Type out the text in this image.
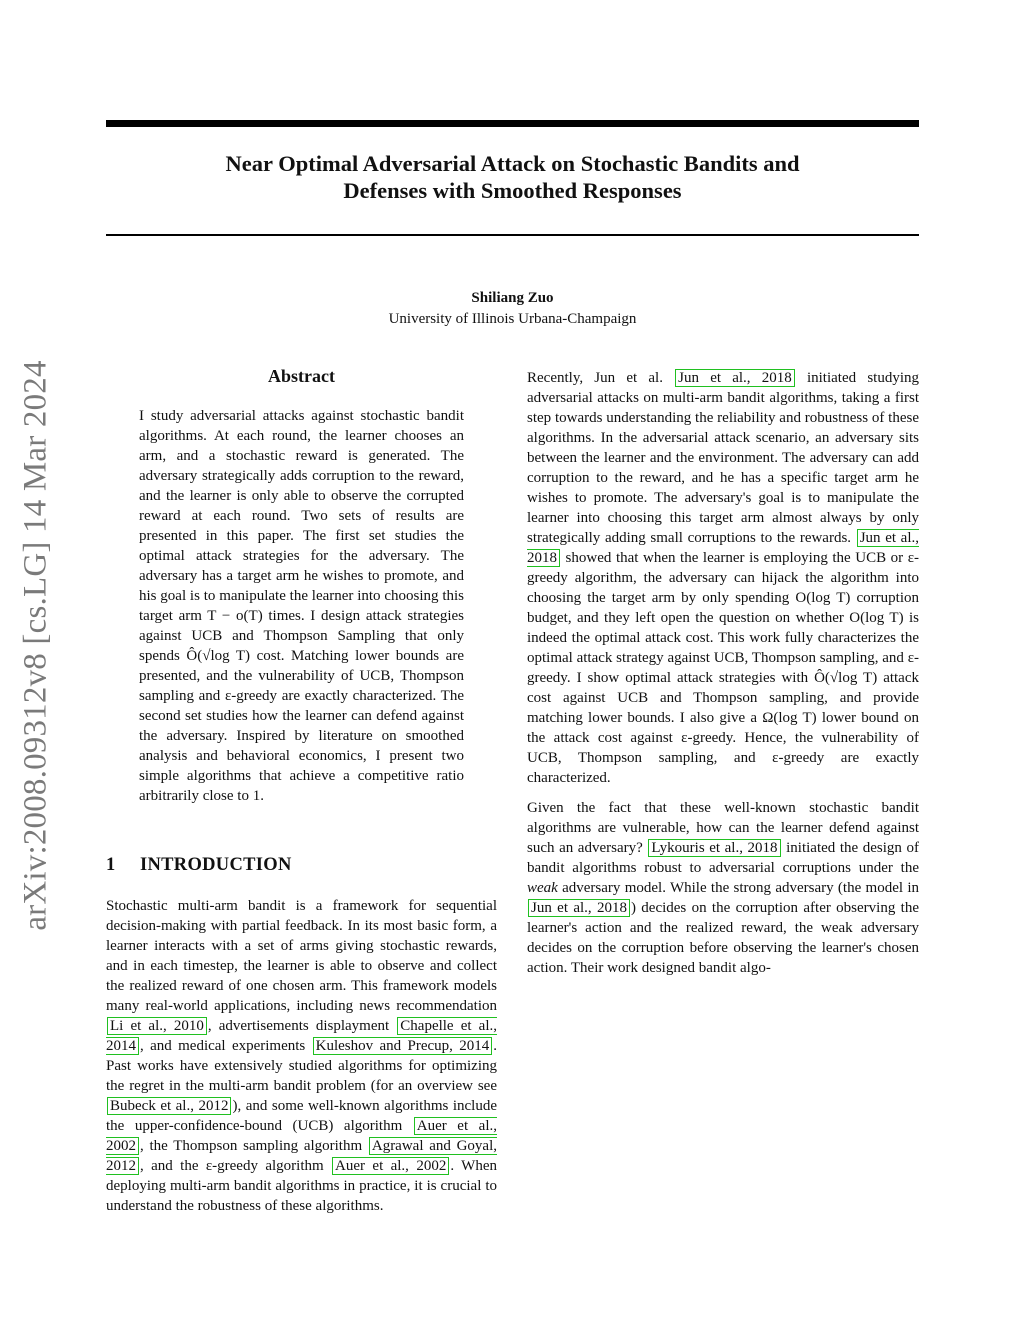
arXiv:2008.09312v8 [cs.LG] 14 Mar 2024
Near Optimal Adversarial Attack on Stochastic Bandits and
Defenses with Smoothed Responses
Shiliang Zuo
University of Illinois Urbana-Champaign
Abstract

I study adversarial attacks against stochastic bandit algorithms. At each round, the learner chooses an arm, and a stochastic reward is generated. The adversary strategically adds corruption to the reward, and the learner is only able to observe the corrupted reward at each round. Two sets of results are presented in this paper. The first set studies the optimal attack strategies for the adversary. The adversary has a target arm he wishes to promote, and his goal is to manipulate the learner into choosing this target arm T − o(T) times. I design attack strategies against UCB and Thompson Sampling that only spends Ô(√log T) cost. Matching lower bounds are presented, and the vulnerability of UCB, Thompson sampling and ε-greedy are exactly characterized. The second set studies how the learner can defend against the adversary. Inspired by literature on smoothed analysis and behavioral economics, I present two simple algorithms that achieve a competitive ratio arbitrarily close to 1.

1 INTRODUCTION

Stochastic multi-arm bandit is a framework for sequential decision-making with partial feedback. In its most basic form, a learner interacts with a set of arms giving stochastic rewards, and in each timestep, the learner is able to observe and collect the realized reward of one chosen arm. This framework models many real-world applications, including news recommendation Li et al., 2010 , advertisements displayment Chapelle et al., 2014 , and medical experiments Kuleshov and Precup, 2014 . Past works have extensively studied algorithms for optimizing the regret in the multi-arm bandit problem (for an overview see Bubeck et al., 2012 ), and some well-known algorithms include the upper-confidence-bound (UCB) algorithm Auer et al., 2002 , the Thompson sampling algorithm Agrawal and Goyal, 2012 , and the ε-greedy algorithm Auer et al., 2002 . When deploying multi-arm bandit algorithms in practice, it is crucial to understand the robustness of these algorithms.

Recently, Jun et al. Jun et al., 2018 initiated studying adversarial attacks on multi-arm bandit algorithms, taking a first step towards understanding the reliability and robustness of these algorithms. In the adversarial attack scenario, an adversary sits between the learner and the environment. The adversary can add corruption to the reward, and he has a specific target arm he wishes to promote. The adversary's goal is to manipulate the learner into choosing this target arm almost always by only strategically adding small corruptions to the rewards. Jun et al., 2018 showed that when the learner is employing the UCB or ε-greedy algorithm, the adversary can hijack the algorithm into choosing the target arm by only spending O(log T) corruption budget, and they left open the question on whether O(log T) is indeed the optimal attack cost. This work fully characterizes the optimal attack strategy against UCB, Thompson sampling, and ε-greedy. I show optimal attack strategies with Ô(√log T) attack cost against UCB and Thompson sampling, and provide matching lower bounds. I also give a Ω(log T) lower bound on the attack cost against ε-greedy. Hence, the vulnerability of UCB, Thompson sampling, and ε-greedy are exactly characterized.

Given the fact that these well-known stochastic bandit algorithms are vulnerable, how can the learner defend against such an adversary? Lykouris et al., 2018 initiated the design of bandit algorithms robust to adversarial corruptions under the weak adversary model. While the strong adversary (the model in Jun et al., 2018 ) decides on the corruption after observing the learner's action and the realized reward, the weak adversary decides on the corruption before observing the learner's chosen action. Their work designed bandit algo-
